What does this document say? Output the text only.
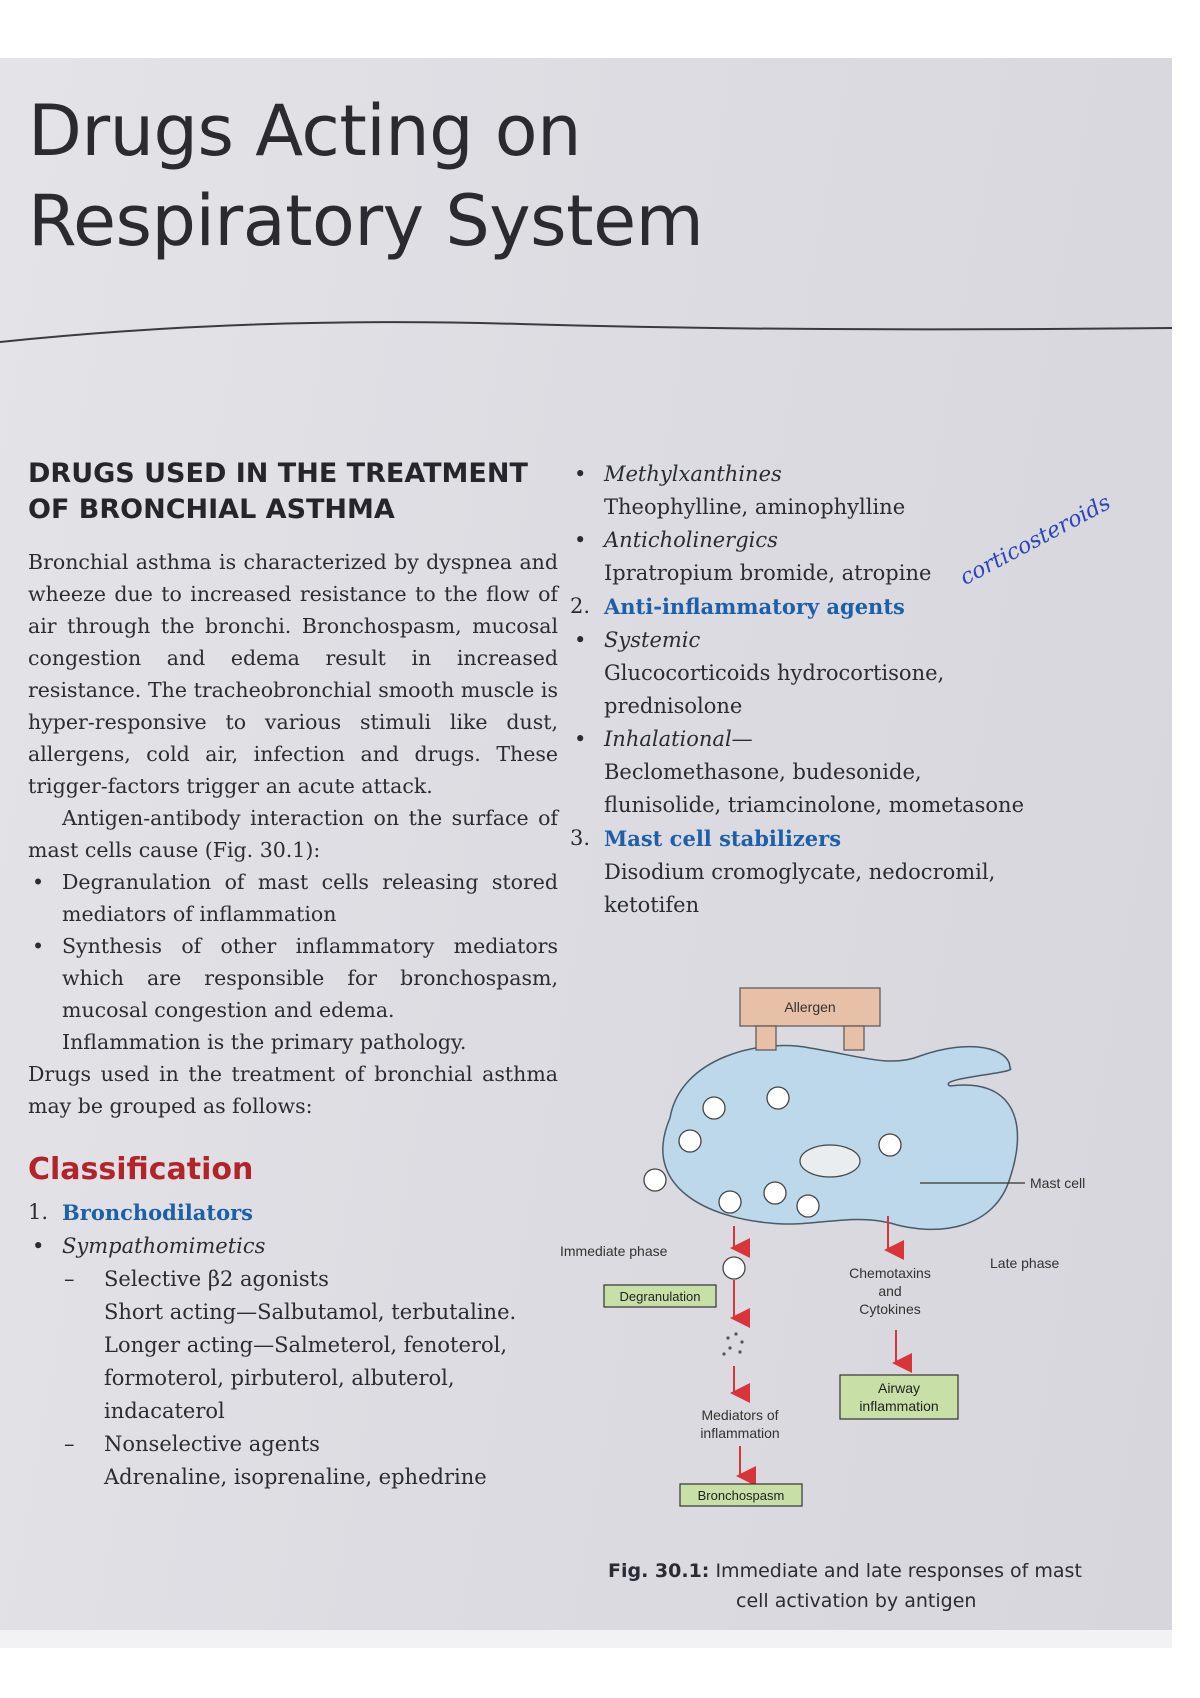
Drugs Acting on
Respiratory System
DRUGS USED IN THE TREATMENT
OF BRONCHIAL ASTHMA

Bronchial asthma is characterized by dyspnea and wheeze due to increased resistance to the flow of air through the bronchi. Bronchospasm, mucosal congestion and edema result in increased resistance. The tracheobronchial smooth muscle is hyper-responsive to various stimuli like dust, allergens, cold air, infection and drugs. These trigger-factors trigger an acute attack.

Antigen-antibody interaction on the surface of mast cells cause (Fig. 30.1):

• Degranulation of mast cells releasing stored mediators of inflammation
• Synthesis of other inflammatory mediators which are responsible for bronchospasm, mucosal congestion and edema.

Inflammation is the primary pathology.

Drugs used in the treatment of bronchial asthma may be grouped as follows:

Classification
1. Bronchodilators
• Sympathomimetics
– Selective β2 agonists
Short acting—Salbutamol, terbutaline.
Longer acting—Salmeterol, fenoterol,
formoterol, pirbuterol, albuterol,
indacaterol
– Nonselective agents
Adrenaline, isoprenaline, ephedrine
• Methylxanthines
Theophylline, aminophylline
• Anticholinergics
Ipratropium bromide, atropine
2. Anti-inflammatory agents
• Systemic
Glucocorticoids hydrocortisone,
prednisolone
• Inhalational—
Beclomethasone, budesonide,
flunisolide, triamcinolone, mometasone
3. Mast cell stabilizers
Disodium cromoglycate, nedocromil,
ketotifen
corticosteroids
Allergen
Mast cell
Immediate phase
Degranulation
Mediators of
inflammation
Bronchospasm
Late phase
Chemotaxins
and
Cytokines
Airway
inflammation
Fig. 30.1: Immediate and late responses of mast
cell activation by antigen
